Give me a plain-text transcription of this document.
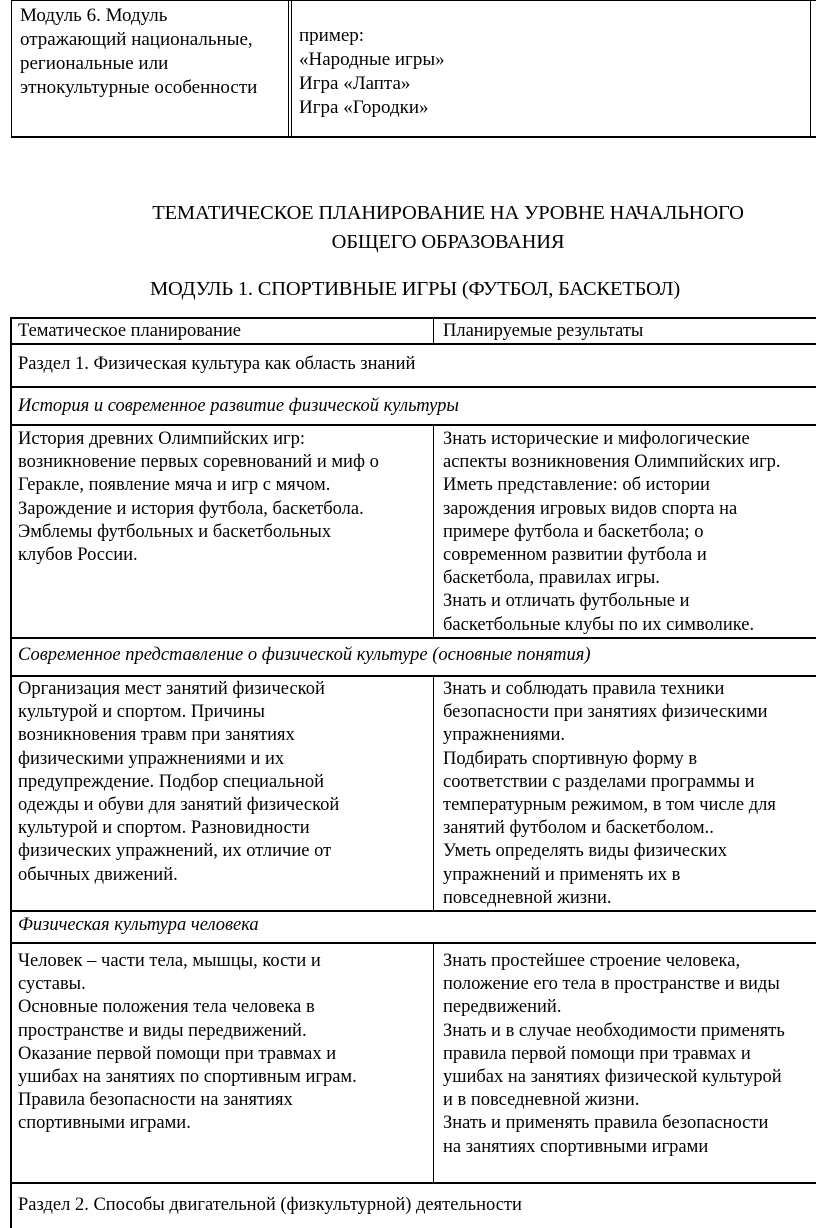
Модуль 6. Модуль
отражающий национальные,
региональные или
этнокультурные особенности
пример:
«Народные игры»
Игра «Лапта»
Игра «Городки»
ТЕМАТИЧЕСКОЕ ПЛАНИРОВАНИЕ НА УРОВНЕ НАЧАЛЬНОГО
ОБЩЕГО ОБРАЗОВАНИЯ
МОДУЛЬ 1. СПОРТИВНЫЕ ИГРЫ (ФУТБОЛ, БАСКЕТБОЛ)
Тематическое планирование	Планируемые результаты
Раздел 1. Физическая культура как область знаний
История и современное развитие физической культуры
История древних Олимпийских игр:
возникновение первых соревнований и миф о
Геракле, появление мяча и игр с мячом.
Зарождение и история футбола, баскетбола.
Эмблемы футбольных и баскетбольных
клубов России.
Знать исторические и мифологические
аспекты возникновения Олимпийских игр.
Иметь представление: об истории
зарождения игровых видов спорта на
примере футбола и баскетбола; о
современном развитии футбола и
баскетбола, правилах игры.
Знать и отличать футбольные и
баскетбольные клубы по их символике.
Современное представление о физической культуре (основные понятия)
Организация мест занятий физической
культурой и спортом. Причины
возникновения травм при занятиях
физическими упражнениями и их
предупреждение. Подбор специальной
одежды и обуви для занятий физической
культурой и спортом. Разновидности
физических упражнений, их отличие от
обычных движений.
Знать и соблюдать правила техники
безопасности при занятиях физическими
упражнениями.
Подбирать спортивную форму в
соответствии с разделами программы и
температурным режимом, в том числе для
занятий футболом и баскетболом..
Уметь определять виды физических
упражнений и применять их в
повседневной жизни.
Физическая культура человека
Человек – части тела, мышцы, кости и
суставы.
Основные положения тела человека в
пространстве и виды передвижений.
Оказание первой помощи при травмах и
ушибах на занятиях по спортивным играм.
Правила безопасности на занятиях
спортивными играми.
Знать простейшее строение человека,
положение его тела в пространстве и виды
передвижений.
Знать и в случае необходимости применять
правила первой помощи при травмах и
ушибах на занятиях физической культурой
и в повседневной жизни.
Знать и применять правила безопасности
на занятиях спортивными играми
Раздел 2. Способы двигательной (физкультурной) деятельности
